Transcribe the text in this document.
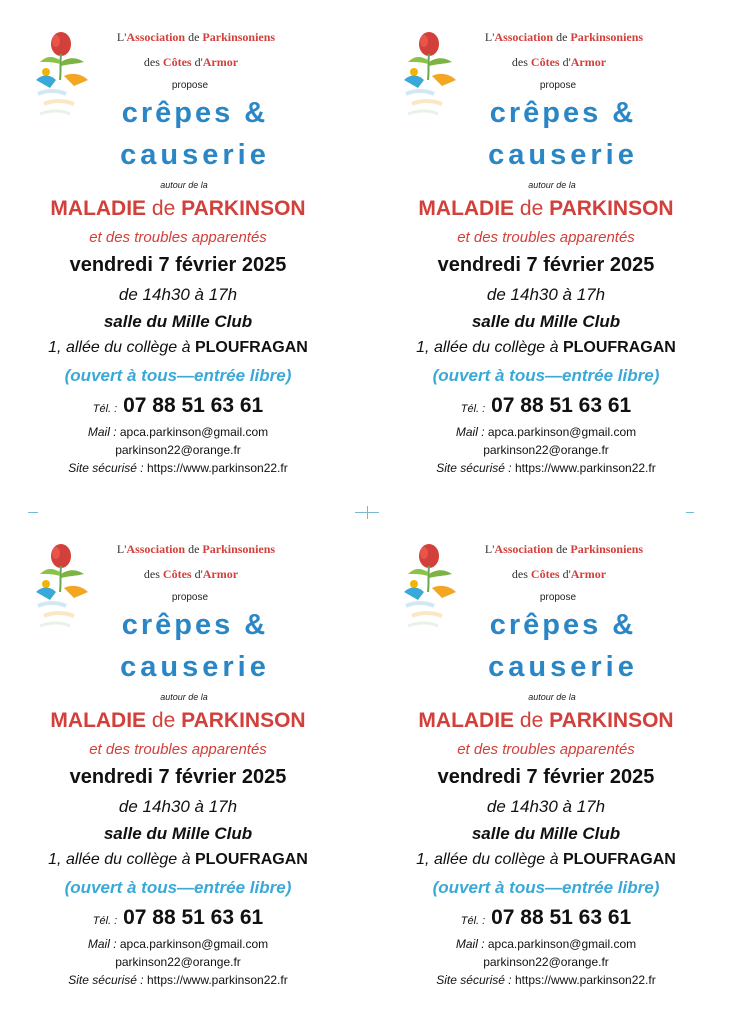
L'Association de Parkinsoniens
des Côtes d'Armor
propose
crêpes &
causerie
autour de la
MALADIE de PARKINSON
et des troubles apparentés
vendredi 7 février 2025
de 14h30 à 17h
salle du Mille Club
1, allée du collège à PLOUFRAGAN
(ouvert à tous—entrée libre)
Tél. : 07 88 51 63 61
Mail : apca.parkinson@gmail.com
parkinson22@orange.fr
Site sécurisé : https://www.parkinson22.fr
L'Association de Parkinsoniens
des Côtes d'Armor
propose
crêpes &
causerie
autour de la
MALADIE de PARKINSON
et des troubles apparentés
vendredi 7 février 2025
de 14h30 à 17h
salle du Mille Club
1, allée du collège à PLOUFRAGAN
(ouvert à tous—entrée libre)
Tél. : 07 88 51 63 61
Mail : apca.parkinson@gmail.com
parkinson22@orange.fr
Site sécurisé : https://www.parkinson22.fr
L'Association de Parkinsoniens
des Côtes d'Armor
propose
crêpes &
causerie
autour de la
MALADIE de PARKINSON
et des troubles apparentés
vendredi 7 février 2025
de 14h30 à 17h
salle du Mille Club
1, allée du collège à PLOUFRAGAN
(ouvert à tous—entrée libre)
Tél. : 07 88 51 63 61
Mail : apca.parkinson@gmail.com
parkinson22@orange.fr
Site sécurisé : https://www.parkinson22.fr
L'Association de Parkinsoniens
des Côtes d'Armor
propose
crêpes &
causerie
autour de la
MALADIE de PARKINSON
et des troubles apparentés
vendredi 7 février 2025
de 14h30 à 17h
salle du Mille Club
1, allée du collège à PLOUFRAGAN
(ouvert à tous—entrée libre)
Tél. : 07 88 51 63 61
Mail : apca.parkinson@gmail.com
parkinson22@orange.fr
Site sécurisé : https://www.parkinson22.fr
